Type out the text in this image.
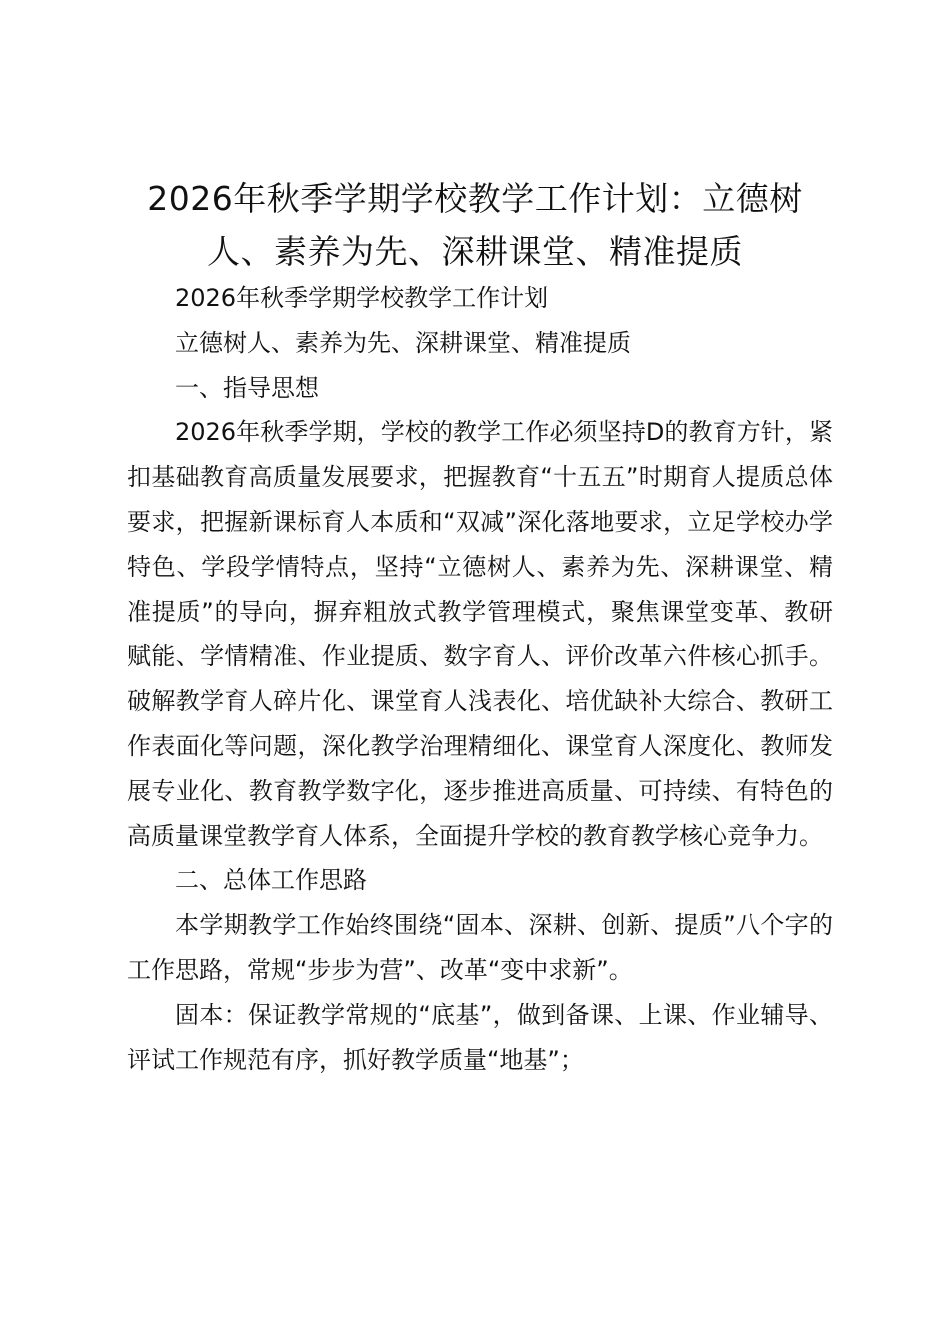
2026年秋季学期学校教学工作计划：立德树人、素养为先、深耕课堂、精准提质

2026年秋季学期学校教学工作计划

立德树人、素养为先、深耕课堂、精准提质

一、指导思想

2026年秋季学期，学校的教学工作必须坚持D的教育方针，紧扣基础教育高质量发展要求，把握教育“十五五”时期育人提质总体要求，把握新课标育人本质和“双减”深化落地要求，立足学校办学特色、学段学情特点，坚持“立德树人、素养为先、深耕课堂、精准提质”的导向，摒弃粗放式教学管理模式，聚焦课堂变革、教研赋能、学情精准、作业提质、数字育人、评价改革六件核心抓手。破解教学育人碎片化、课堂育人浅表化、培优缺补大综合、教研工作表面化等问题，深化教学治理精细化、课堂育人深度化、教师发展专业化、教育教学数字化，逐步推进高质量、可持续、有特色的高质量课堂教学育人体系，全面提升学校的教育教学核心竞争力。

二、总体工作思路

本学期教学工作始终围绕“固本、深耕、创新、提质”八个字的工作思路，常规“步步为营”、改革“变中求新”。

固本：保证教学常规的“底基”，做到备课、上课、作业辅导、评试工作规范有序，抓好教学质量“地基”；
